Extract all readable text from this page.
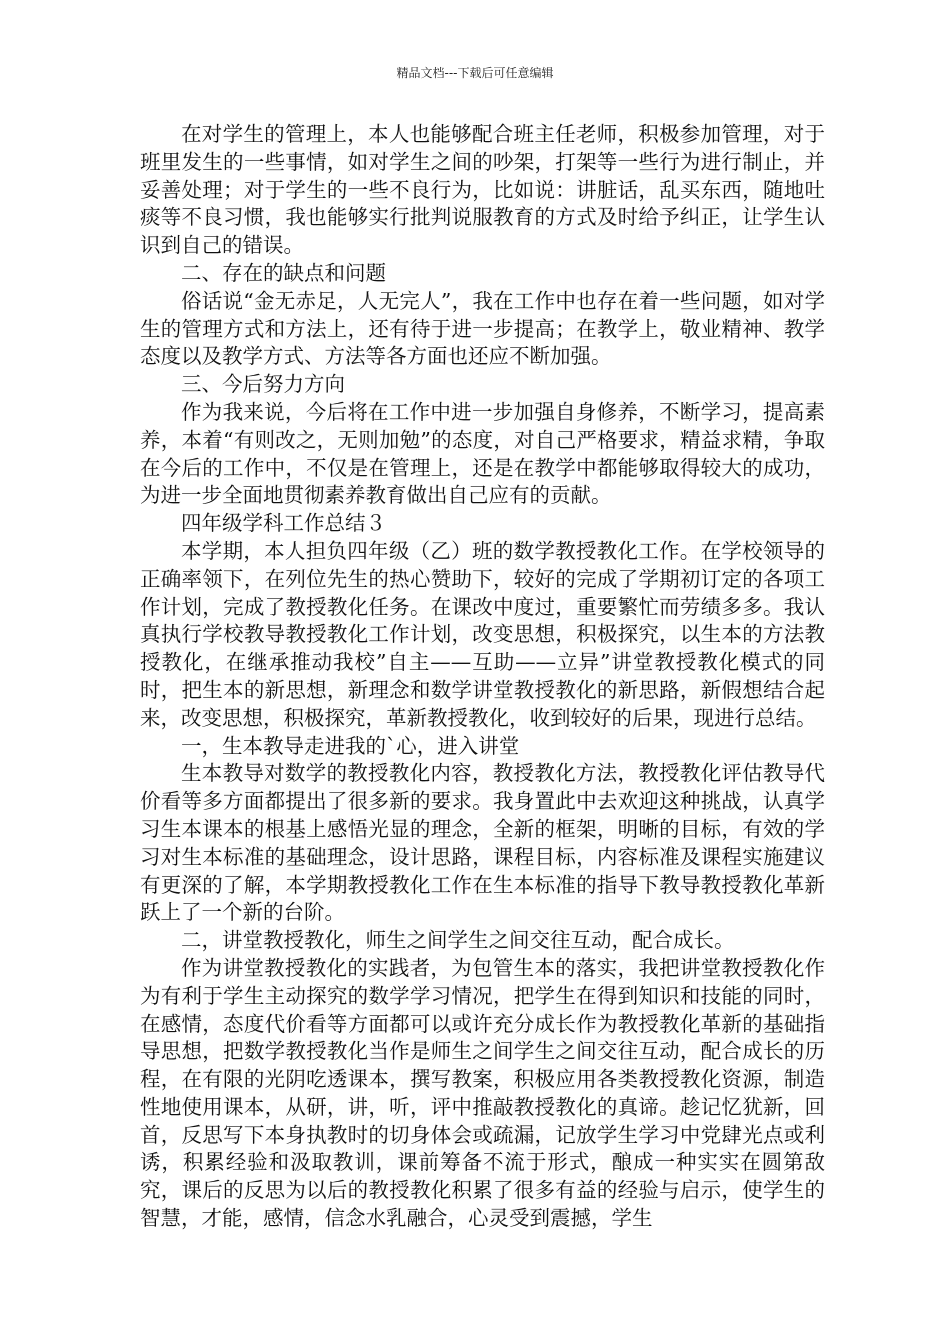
精品文档---下载后可任意编辑

在对学生的管理上，本人也能够配合班主任老师，积极参加管理，对于班里发生的一些事情，如对学生之间的吵架，打架等一些行为进行制止，并妥善处理；对于学生的一些不良行为，比如说：讲脏话，乱买东西，随地吐痰等不良习惯，我也能够实行批判说服教育的方式及时给予纠正，让学生认识到自己的错误。

二、存在的缺点和问题

俗话说“金无赤足，人无完人”，我在工作中也存在着一些问题，如对学生的管理方式和方法上，还有待于进一步提高；在教学上，敬业精神、教学态度以及教学方式、方法等各方面也还应不断加强。

三、今后努力方向

作为我来说，今后将在工作中进一步加强自身修养，不断学习，提高素养，本着“有则改之，无则加勉”的态度，对自己严格要求，精益求精，争取在今后的工作中，不仅是在管理上，还是在教学中都能够取得较大的成功，为进一步全面地贯彻素养教育做出自己应有的贡献。

四年级学科工作总结３

本学期，本人担负四年级（乙）班的数学教授教化工作。在学校领导的正确率领下，在列位先生的热心赞助下，较好的完成了学期初订定的各项工作计划，完成了教授教化任务。在课改中度过，重要繁忙而劳绩多多。我认真执行学校教导教授教化工作计划，改变思想，积极探究，以生本的方法教授教化，在继承推动我校”自主——互助——立异”讲堂教授教化模式的同时，把生本的新思想，新理念和数学讲堂教授教化的新思路，新假想结合起来，改变思想，积极探究，革新教授教化，收到较好的后果，现进行总结。

一，生本教导走进我的`心，进入讲堂

生本教导对数学的教授教化内容，教授教化方法，教授教化评估教导代价看等多方面都提出了很多新的要求。我身置此中去欢迎这种挑战，认真学习生本课本的根基上感悟光显的理念，全新的框架，明晰的目标，有效的学习对生本标准的基础理念，设计思路，课程目标，内容标准及课程实施建议有更深的了解，本学期教授教化工作在生本标准的指导下教导教授教化革新跃上了一个新的台阶。

二，讲堂教授教化，师生之间学生之间交往互动，配合成长。

作为讲堂教授教化的实践者，为包管生本的落实，我把讲堂教授教化作为有利于学生主动探究的数学学习情况，把学生在得到知识和技能的同时，在感情，态度代价看等方面都可以或许充分成长作为教授教化革新的基础指导思想，把数学教授教化当作是师生之间学生之间交往互动，配合成长的历程，在有限的光阴吃透课本，撰写教案，积极应用各类教授教化资源，制造性地使用课本，从研，讲，听，评中推敲教授教化的真谛。趁记忆犹新，回首，反思写下本身执教时的切身体会或疏漏，记放学生学习中党肆光点或利诱，积累经验和汲取教训，课前筹备不流于形式，酿成一种实实在圆第敌究，课后的反思为以后的教授教化积累了很多有益的经验与启示，使学生的智慧，才能，感情，信念水乳融合，心灵受到震撼，学生
